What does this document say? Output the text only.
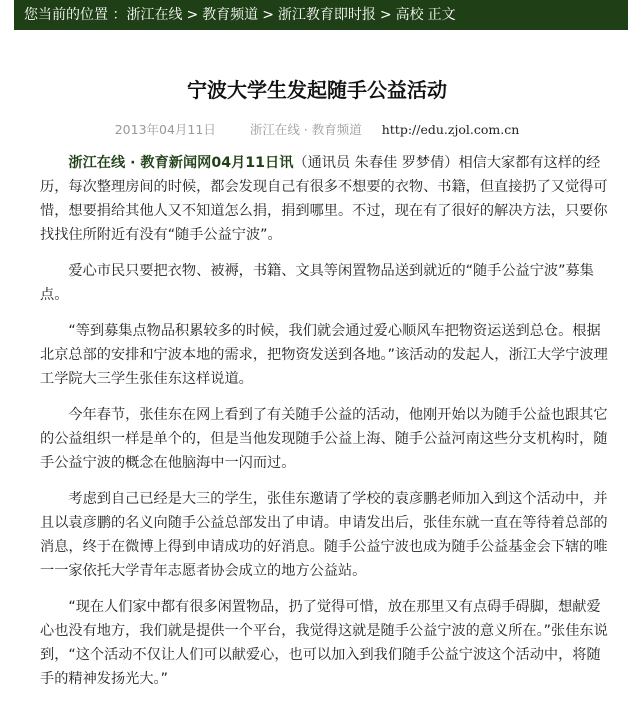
您当前的位置 ：浙江在线 > 教育频道 > 浙江教育即时报 > 高校 正文
宁波大学生发起随手公益活动
2013年04月11日	浙江在线 · 教育频道 http://edu.zjol.com.cn

浙江在线 · 教育新闻网04月11日讯（通讯员 朱春佳 罗梦倩）相信大家都有这样的经历，每次整理房间的时候，都会发现自己有很多不想要的衣物、书籍，但直接扔了又觉得可惜，想要捐给其他人又不知道怎么捐，捐到哪里。不过，现在有了很好的解决方法，只要你找找住所附近有没有“随手公益宁波”。

爱心市民只要把衣物、被褥，书籍、文具等闲置物品送到就近的“随手公益宁波”募集点。

“等到募集点物品积累较多的时候，我们就会通过爱心顺风车把物资运送到总仓。根据北京总部的安排和宁波本地的需求，把物资发送到各地。”该活动的发起人，浙江大学宁波理工学院大三学生张佳东这样说道。

今年春节，张佳东在网上看到了有关随手公益的活动，他刚开始以为随手公益也跟其它的公益组织一样是单个的，但是当他发现随手公益上海、随手公益河南这些分支机构时，随手公益宁波的概念在他脑海中一闪而过。

考虑到自己已经是大三的学生，张佳东邀请了学校的袁彦鹏老师加入到这个活动中，并且以袁彦鹏的名义向随手公益总部发出了申请。申请发出后，张佳东就一直在等待着总部的消息，终于在微博上得到申请成功的好消息。随手公益宁波也成为随手公益基金会下辖的唯一一家依托大学青年志愿者协会成立的地方公益站。

“现在人们家中都有很多闲置物品，扔了觉得可惜，放在那里又有点碍手碍脚，想献爱心也没有地方，我们就是提供一个平台，我觉得这就是随手公益宁波的意义所在。”张佳东说到，“这个活动不仅让人们可以献爱心，也可以加入到我们随手公益宁波这个活动中，将随手的精神发扬光大。”
